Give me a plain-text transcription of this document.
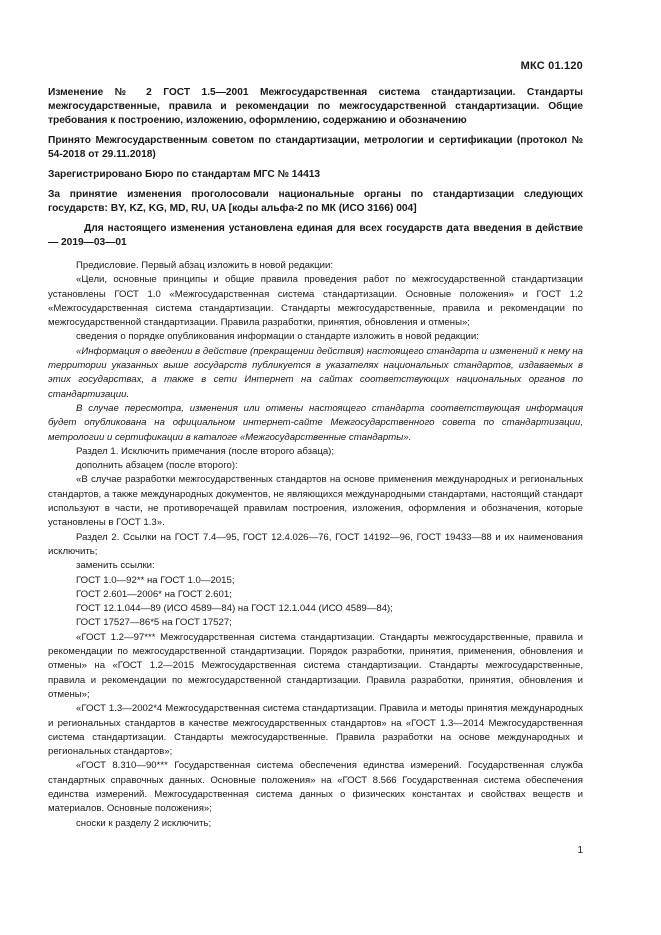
МКС 01.120

Изменение № 2 ГОСТ 1.5—2001 Межгосударственная система стандартизации. Стандарты межгосударственные, правила и рекомендации по межгосударственной стандартизации. Общие требования к построению, изложению, оформлению, содержанию и обозначению

Принято Межгосударственным советом по стандартизации, метрологии и сертификации (протокол № 54-2018 от 29.11.2018)

Зарегистрировано Бюро по стандартам МГС № 14413

За принятие изменения проголосовали национальные органы по стандартизации следующих государств: BY, KZ, KG, MD, RU, UA [коды альфа-2 по МК (ИСО 3166) 004]

Для настоящего изменения установлена единая для всех государств дата введения в действие — 2019—03—01

Предисловие. Первый абзац изложить в новой редакции:

«Цели, основные принципы и общие правила проведения работ по межгосударственной стандартизации установлены ГОСТ 1.0 «Межгосударственная система стандартизации. Основные положения» и ГОСТ 1.2 «Межгосударственная система стандартизации. Стандарты межгосударственные, правила и рекомендации по межгосударственной стандартизации. Правила разработки, принятия, обновления и отмены»;

сведения о порядке опубликования информации о стандарте изложить в новой редакции:

«Информация о введении в действие (прекращении действия) настоящего стандарта и изменений к нему на территории указанных выше государств публикуется в указателях национальных стандартов, издаваемых в этих государствах, а также в сети Интернет на сайтах соответствующих национальных органов по стандартизации.

В случае пересмотра, изменения или отмены настоящего стандарта соответствующая информация будет опубликована на официальном интернет-сайте Межгосударственного совета по стандартизации, метрологии и сертификации в каталоге «Межгосударственные стандарты».

Раздел 1. Исключить примечания (после второго абзаца);

дополнить абзацем (после второго):

«В случае разработки межгосударственных стандартов на основе применения международных и региональных стандартов, а также международных документов, не являющихся международными стандартами, настоящий стандарт используют в части, не противоречащей правилам построения, изложения, оформления и обозначения, которые установлены в ГОСТ 1.3».

Раздел 2. Ссылки на ГОСТ 7.4—95, ГОСТ 12.4.026—76, ГОСТ 14192—96, ГОСТ 19433—88 и их наименования исключить;

заменить ссылки:

ГОСТ 1.0—92** на ГОСТ 1.0—2015;

ГОСТ 2.601—2006* на ГОСТ 2.601;

ГОСТ 12.1.044—89 (ИСО 4589—84) на ГОСТ 12.1.044 (ИСО 4589—84);

ГОСТ 17527—86*5 на ГОСТ 17527;

«ГОСТ 1.2—97*** Межгосударственная система стандартизации. Стандарты межгосударственные, правила и рекомендации по межгосударственной стандартизации. Порядок разработки, принятия, применения, обновления и отмены» на «ГОСТ 1.2—2015 Межгосударственная система стандартизации. Стандарты межгосударственные, правила и рекомендации по межгосударственной стандартизации. Правила разработки, принятия, обновления и отмены»;

«ГОСТ 1.3—2002*4 Межгосударственная система стандартизации. Правила и методы принятия международных и региональных стандартов в качестве межгосударственных стандартов» на «ГОСТ 1.3—2014 Межгосударственная система стандартизации. Стандарты межгосударственные. Правила разработки на основе международных и региональных стандартов»;

«ГОСТ 8.310—90*** Государственная система обеспечения единства измерений. Государственная служба стандартных справочных данных. Основные положения» на «ГОСТ 8.566 Государственная система обеспечения единства измерений. Межгосударственная система данных о физических константах и свойствах веществ и материалов. Основные положения»;

сноски к разделу 2 исключить;

1
